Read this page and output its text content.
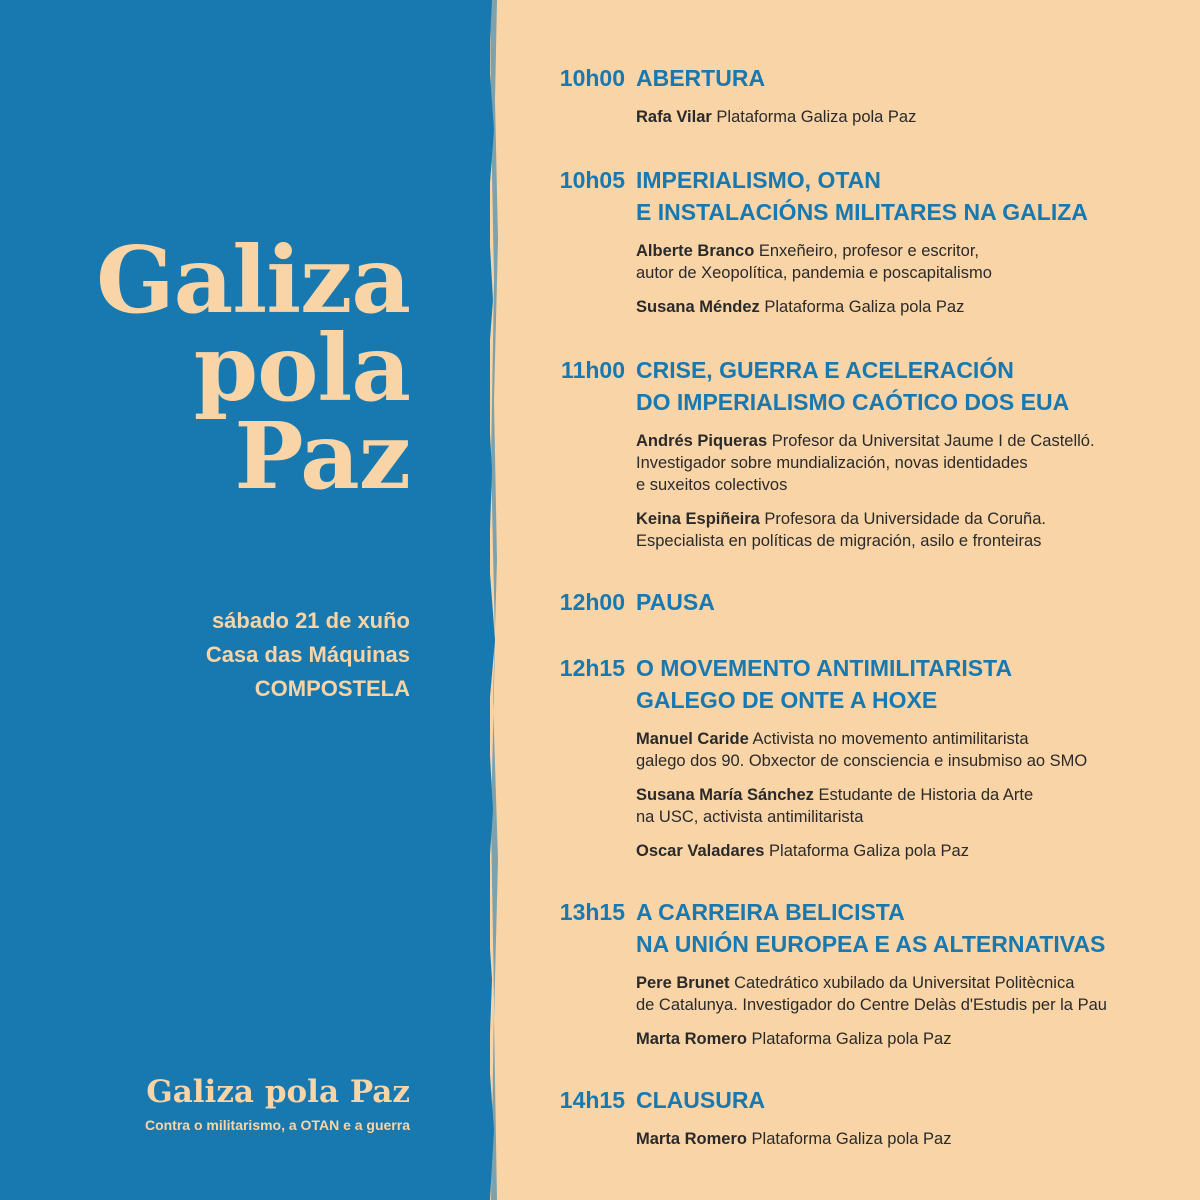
Galiza
pola
Paz
sábado 21 de xuño
Casa das Máquinas
COMPOSTELA
Galiza pola Paz
Contra o militarismo, a OTAN e a guerra
10h00 ABERTURA
Rafa Vilar Plataforma Galiza pola Paz
10h05 IMPERIALISMO, OTAN
E INSTALACIÓNS MILITARES NA GALIZA
Alberte Branco Enxeñeiro, profesor e escritor,
autor de Xeopolítica, pandemia e poscapitalismo
Susana Méndez Plataforma Galiza pola Paz
11h00 CRISE, GUERRA E ACELERACIÓN
DO IMPERIALISMO CAÓTICO DOS EUA
Andrés Piqueras Profesor da Universitat Jaume I de Castelló.
Investigador sobre mundialización, novas identidades
e suxeitos colectivos
Keina Espiñeira Profesora da Universidade da Coruña.
Especialista en políticas de migración, asilo e fronteiras
12h00 PAUSA
12h15 O MOVEMENTO ANTIMILITARISTA
GALEGO DE ONTE A HOXE
Manuel Caride Activista no movemento antimilitarista
galego dos 90. Obxector de consciencia e insubmiso ao SMO
Susana María Sánchez Estudante de Historia da Arte
na USC, activista antimilitarista
Oscar Valadares Plataforma Galiza pola Paz
13h15 A CARREIRA BELICISTA
NA UNIÓN EUROPEA E AS ALTERNATIVAS
Pere Brunet Catedrático xubilado da Universitat Politècnica
de Catalunya. Investigador do Centre Delàs d'Estudis per la Pau
Marta Romero Plataforma Galiza pola Paz
14h15 CLAUSURA
Marta Romero Plataforma Galiza pola Paz
